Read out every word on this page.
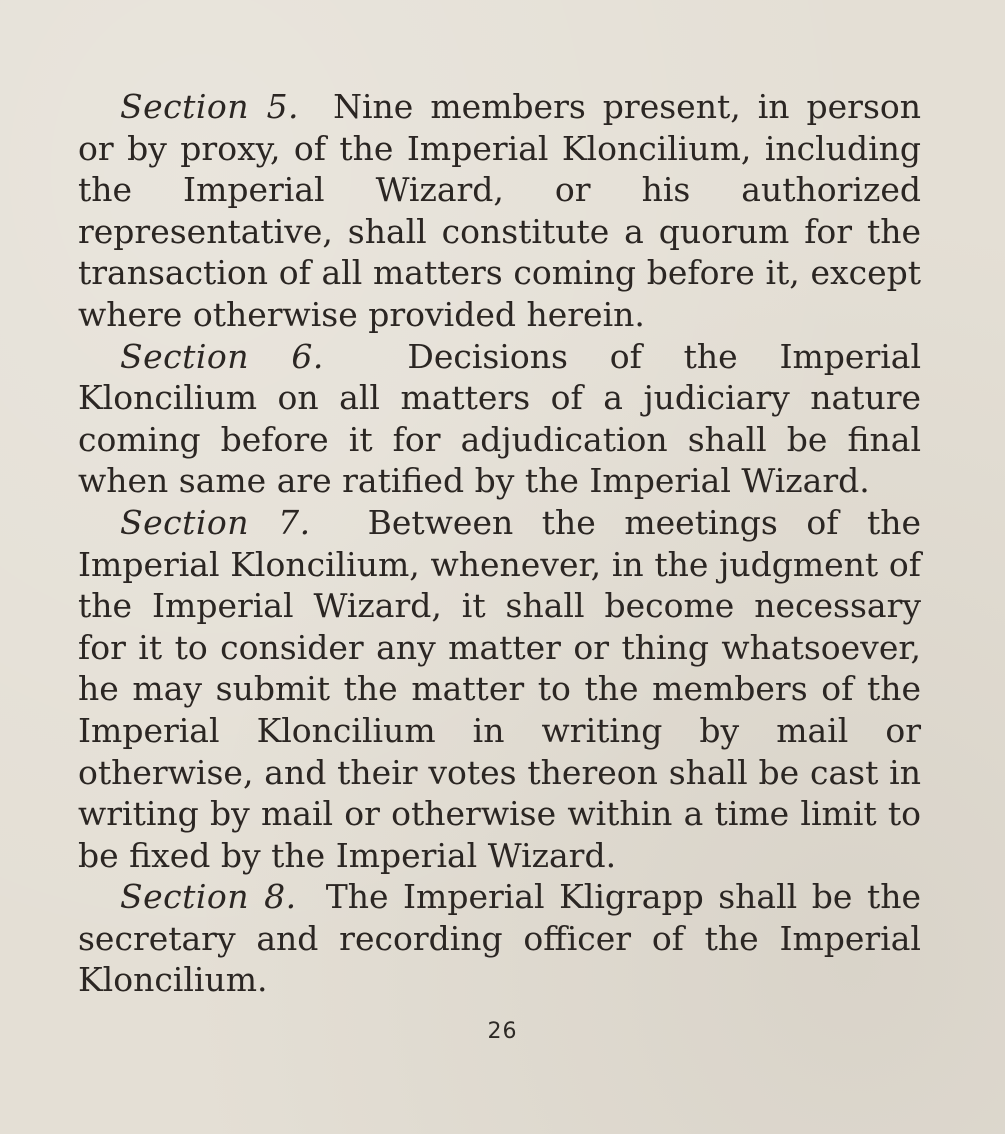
Section 5. Nine members present, in person or by proxy, of the Imperial Kloncilium, including the Imperial Wizard, or his authorized representative, shall constitute a quorum for the transaction of all matters coming before it, except where otherwise provided herein.

Section 6.	Decisions of the Imperial Kloncilium on all matters of a judiciary nature coming before it for adjudication shall be final when same are ratified by the Imperial Wizard.

Section 7. Between the meetings of the Imperial Kloncilium, whenever, in the judgment of the Imperial Wizard, it shall become necessary for it to consider any matter or thing whatsoever, he may submit the matter to the members of the Imperial Kloncilium in writing by mail or otherwise, and their votes thereon shall be cast in writing by mail or otherwise within a time limit to be fixed by the Imperial Wizard.

Section 8. The Imperial Kligrapp shall be the secretary and recording officer of the Imperial Kloncilium.

26
